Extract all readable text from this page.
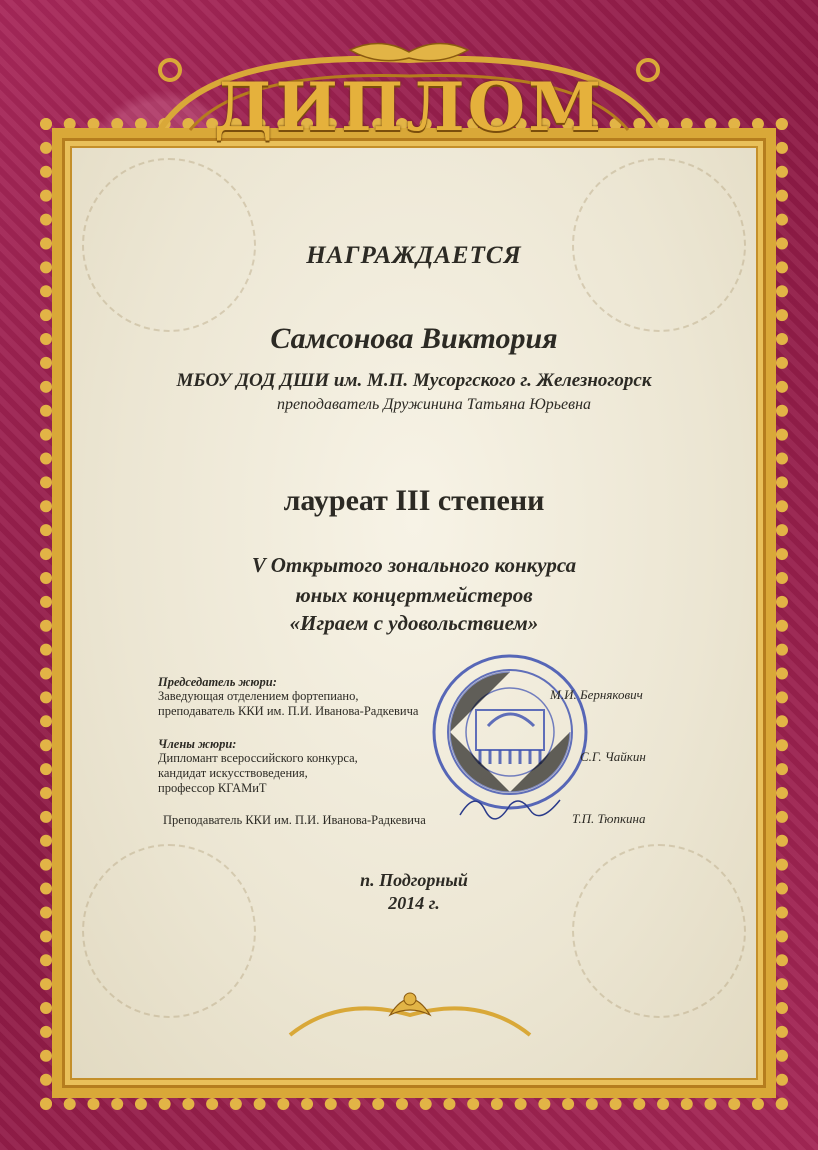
ДИПЛОМ
НАГРАЖДАЕТСЯ
Самсонова Виктория
МБОУ ДОД ДШИ им. М.П. Мусоргского г. Железногорск
преподаватель Дружинина Татьяна Юрьевна
лауреат III степени
V Открытого зонального конкурса
юных концертмейстеров
«Играем с удовольствием»
Председатель жюри:
Заведующая отделением фортепиано,
преподаватель ККИ им. П.И. Иванова-Радкевича
М.И. Бернякович
Члены жюри:
Дипломант всероссийского конкурса,
кандидат искусствоведения,
профессор КГАМиТ
С.Г. Чайкин
Преподаватель ККИ им. П.И. Иванова-Радкевича	Т.П. Тюпкина
п. Подгорный
2014 г.
